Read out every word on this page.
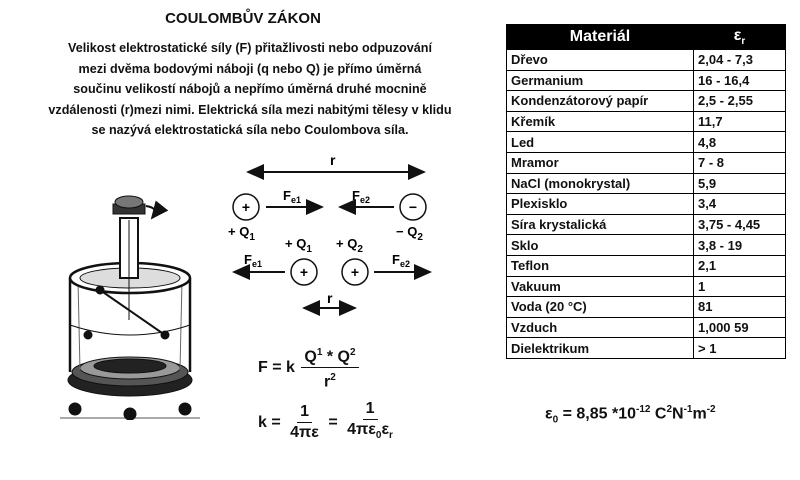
COULOMBŮV ZÁKON
Velikost elektrostatické síly (F) přitažlivosti nebo odpuzování
mezi dvěma bodovými náboji (q nebo Q) je přímo úměrná
součinu velikostí nábojů a nepřímo úměrná druhé mocnině
vzdálenosti (r)mezi nimi. Elektrická síla mezi nabitými tělesy v klidu
se nazývá elektrostatická síla nebo Coulombova síla.
r
+	−
$F_{e1}$	$F_{e2}$
+ $Q_1$	− $Q_2$
+ $Q_1 + Q_2$
+	+
$F_{e1}$	$F_{e2}$
r
F = k $\frac{Q^1 * Q^2}{r^2}$
$k = \frac{1}{4\pi\varepsilon} = \frac{1}{4\pi\varepsilon_0\varepsilon_r}$
Materiál	$\varepsilon_r$
Dřevo	2,04 - 7,3
Germanium	16 - 16,4
Kondenzátorový papír	2,5 - 2,55
Křemík	11,7
Led	4,8
Mramor	7 - 8
NaCl (monokrystal)	5,9
Plexisklo	3,4
Síra krystalická	3,75 - 4,45
Sklo	3,8 - 19
Teflon	2,1
Vakuum	1
Voda (20 °C)	81
Vzduch	1,000 59
Dielektrikum	> 1
$\varepsilon_0 = 8,85$ $*10^{-12}$ $C^2N^{-1}m^{-2}$
